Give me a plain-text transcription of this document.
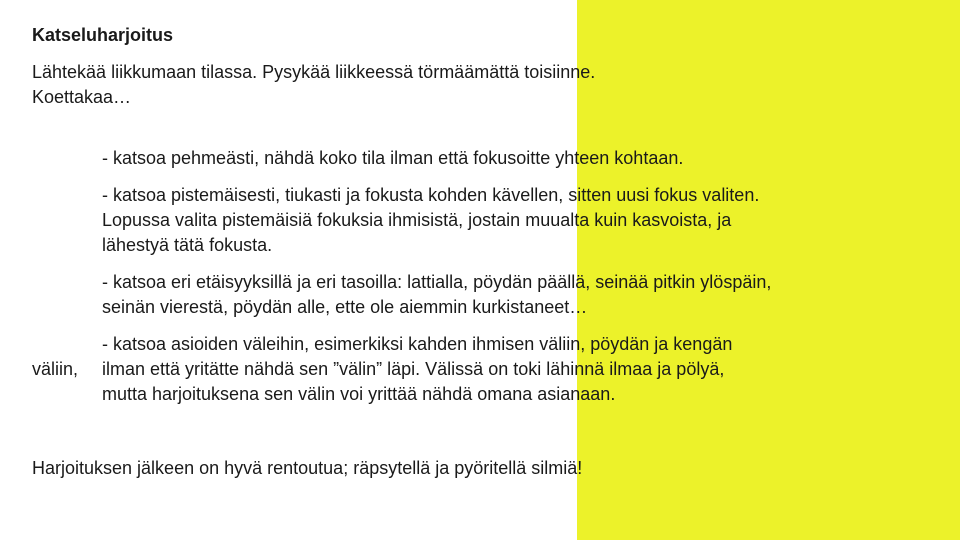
Katseluharjoitus
Lähtekää liikkumaan tilassa. Pysykää liikkeessä törmäämättä toisiinne.
Koettakaa…
- katsoa pehmeästi, nähdä koko tila ilman että fokusoitte yhteen kohtaan.
- katsoa pistemäisesti, tiukasti ja fokusta kohden kävellen, sitten uusi fokus valiten.
Lopussa valita pistemäisiä fokuksia ihmisistä, jostain muualta kuin kasvoista, ja
lähestyä tätä fokusta.
- katsoa eri etäisyyksillä ja eri tasoilla: lattialla, pöydän päällä, seinää pitkin ylöspäin,
seinän vierestä, pöydän alle, ette ole aiemmin kurkistaneet…
- katsoa asioiden väleihin, esimerkiksi kahden ihmisen väliin, pöydän ja kengän
ilman että yritätte nähdä sen ”välin” läpi. Välissä on toki lähinnä ilmaa ja pölyä,
mutta harjoituksena sen välin voi yrittää nähdä omana asianaan.
väliin,
Harjoituksen jälkeen on hyvä rentoutua; räpsytellä ja pyöritellä silmiä!
